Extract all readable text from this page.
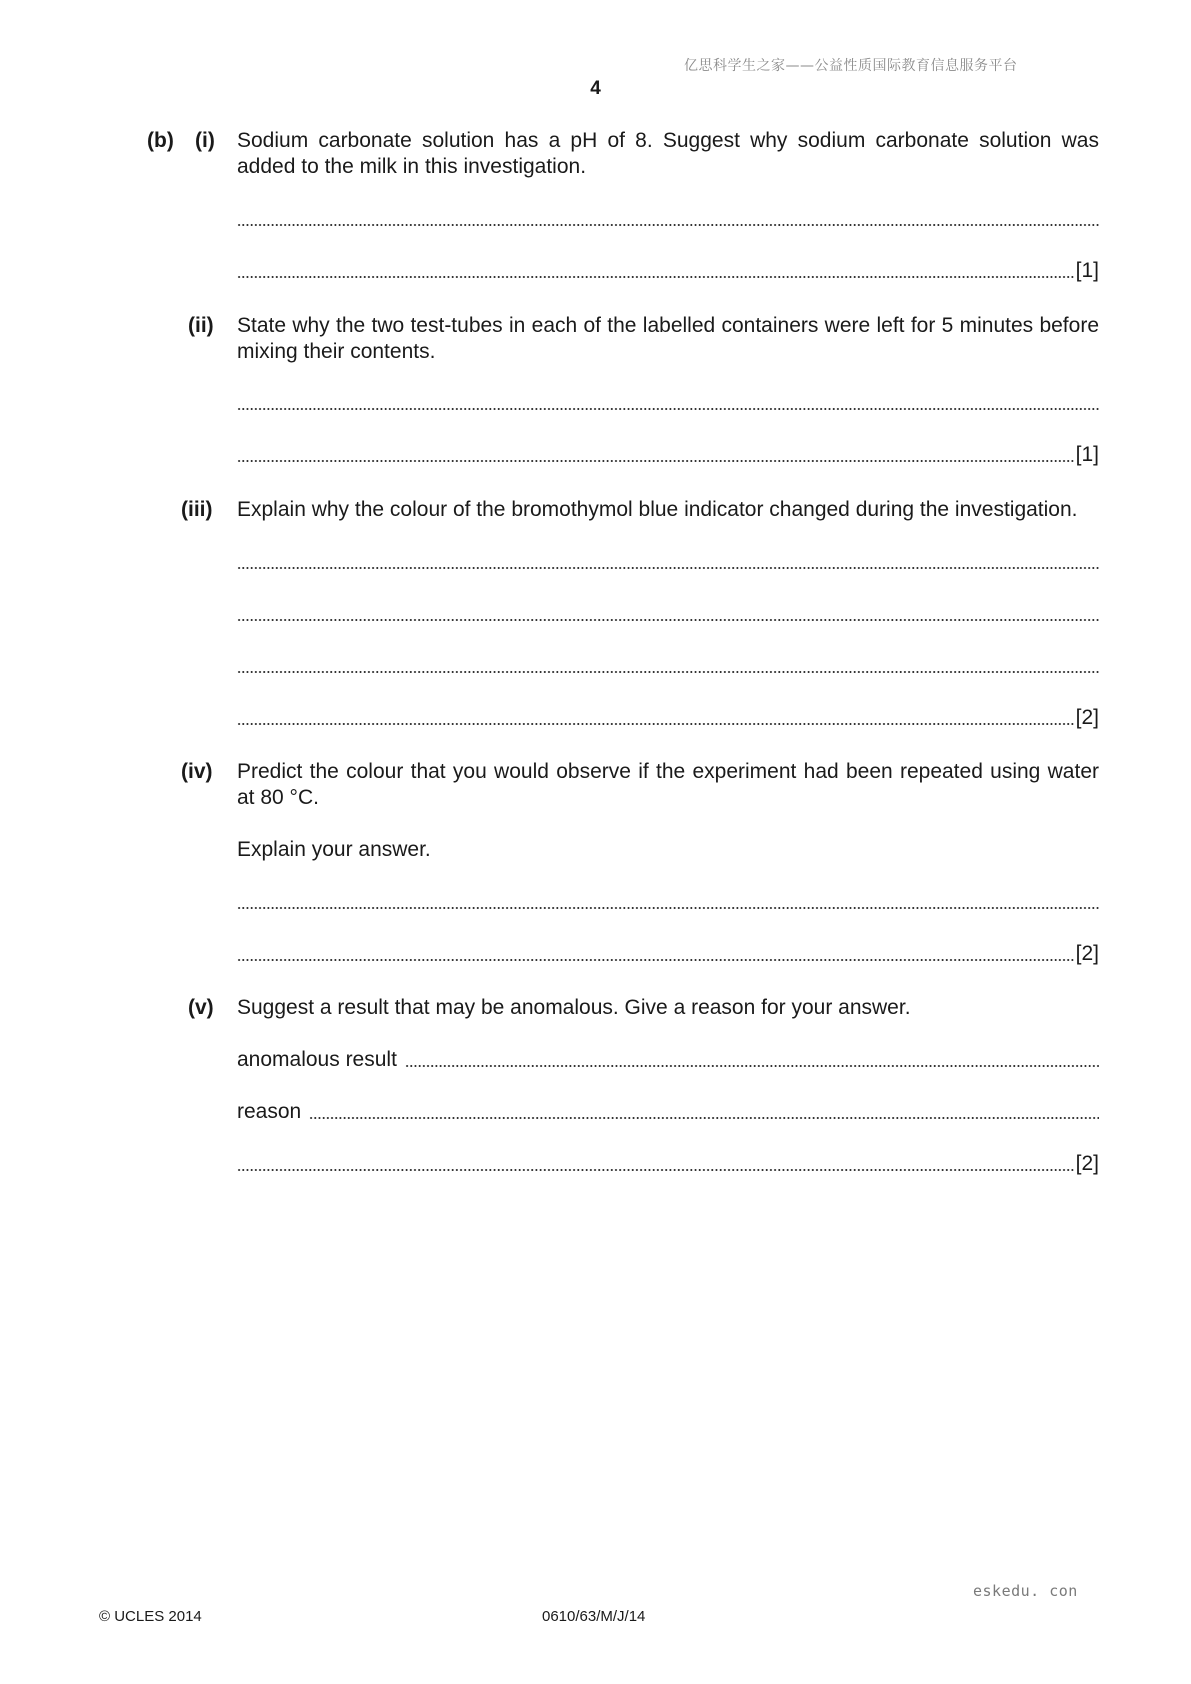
亿思科学生之家——公益性质国际教育信息服务平台
4
(b) (i) Sodium carbonate solution has a pH of 8. Suggest why sodium carbonate solution was added to the milk in this investigation.
[1]
(ii) State why the two test-tubes in each of the labelled containers were left for 5 minutes before mixing their contents.
[1]
(iii) Explain why the colour of the bromothymol blue indicator changed during the investigation.
[2]
(iv) Predict the colour that you would observe if the experiment had been repeated using water at 80 °C.
Explain your answer.
[2]
(v) Suggest a result that may be anomalous. Give a reason for your answer.
anomalous result
reason
[2]
eskedu. con
© UCLES 2014	0610/63/M/J/14
